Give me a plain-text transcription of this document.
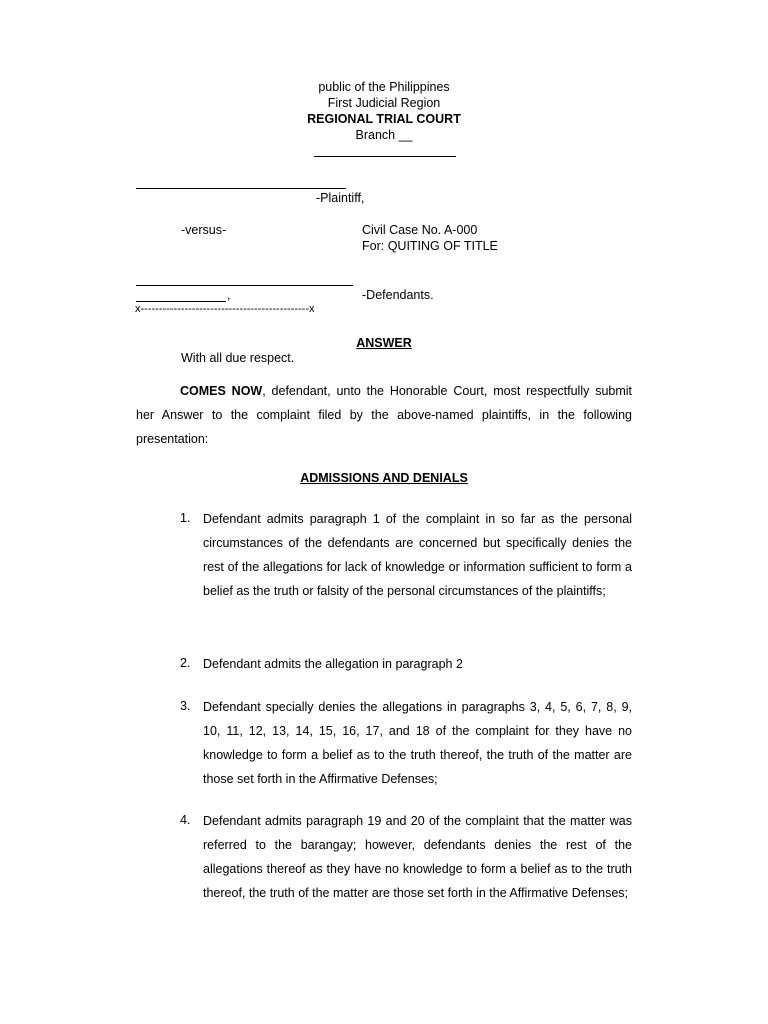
public of the Philippines
First Judicial Region
REGIONAL TRIAL COURT
Branch __
-Plaintiff,
-versus-	Civil Case No. A-000
For: QUITING OF TITLE
,	-Defendants.
x----------------------------------------------x
ANSWER
With all due respect.
COMES NOW, defendant, unto the Honorable Court, most respectfully submit her Answer to the complaint filed by the above-named plaintiffs, in the following presentation:
ADMISSIONS AND DENIALS
1. Defendant admits paragraph 1 of the complaint in so far as the personal circumstances of the defendants are concerned but specifically denies the rest of the allegations for lack of knowledge or information sufficient to form a belief as the truth or falsity of the personal circumstances of the plaintiffs;
2. Defendant admits the allegation in paragraph 2
3. Defendant specially denies the allegations in paragraphs 3, 4, 5, 6, 7, 8, 9, 10, 11, 12, 13, 14, 15, 16, 17, and 18 of the complaint for they have no knowledge to form a belief as to the truth thereof, the truth of the matter are those set forth in the Affirmative Defenses;
4. Defendant admits paragraph 19 and 20 of the complaint that the matter was referred to the barangay; however, defendants denies the rest of the allegations thereof as they have no knowledge to form a belief as to the truth thereof, the truth of the matter are those set forth in the Affirmative Defenses;
